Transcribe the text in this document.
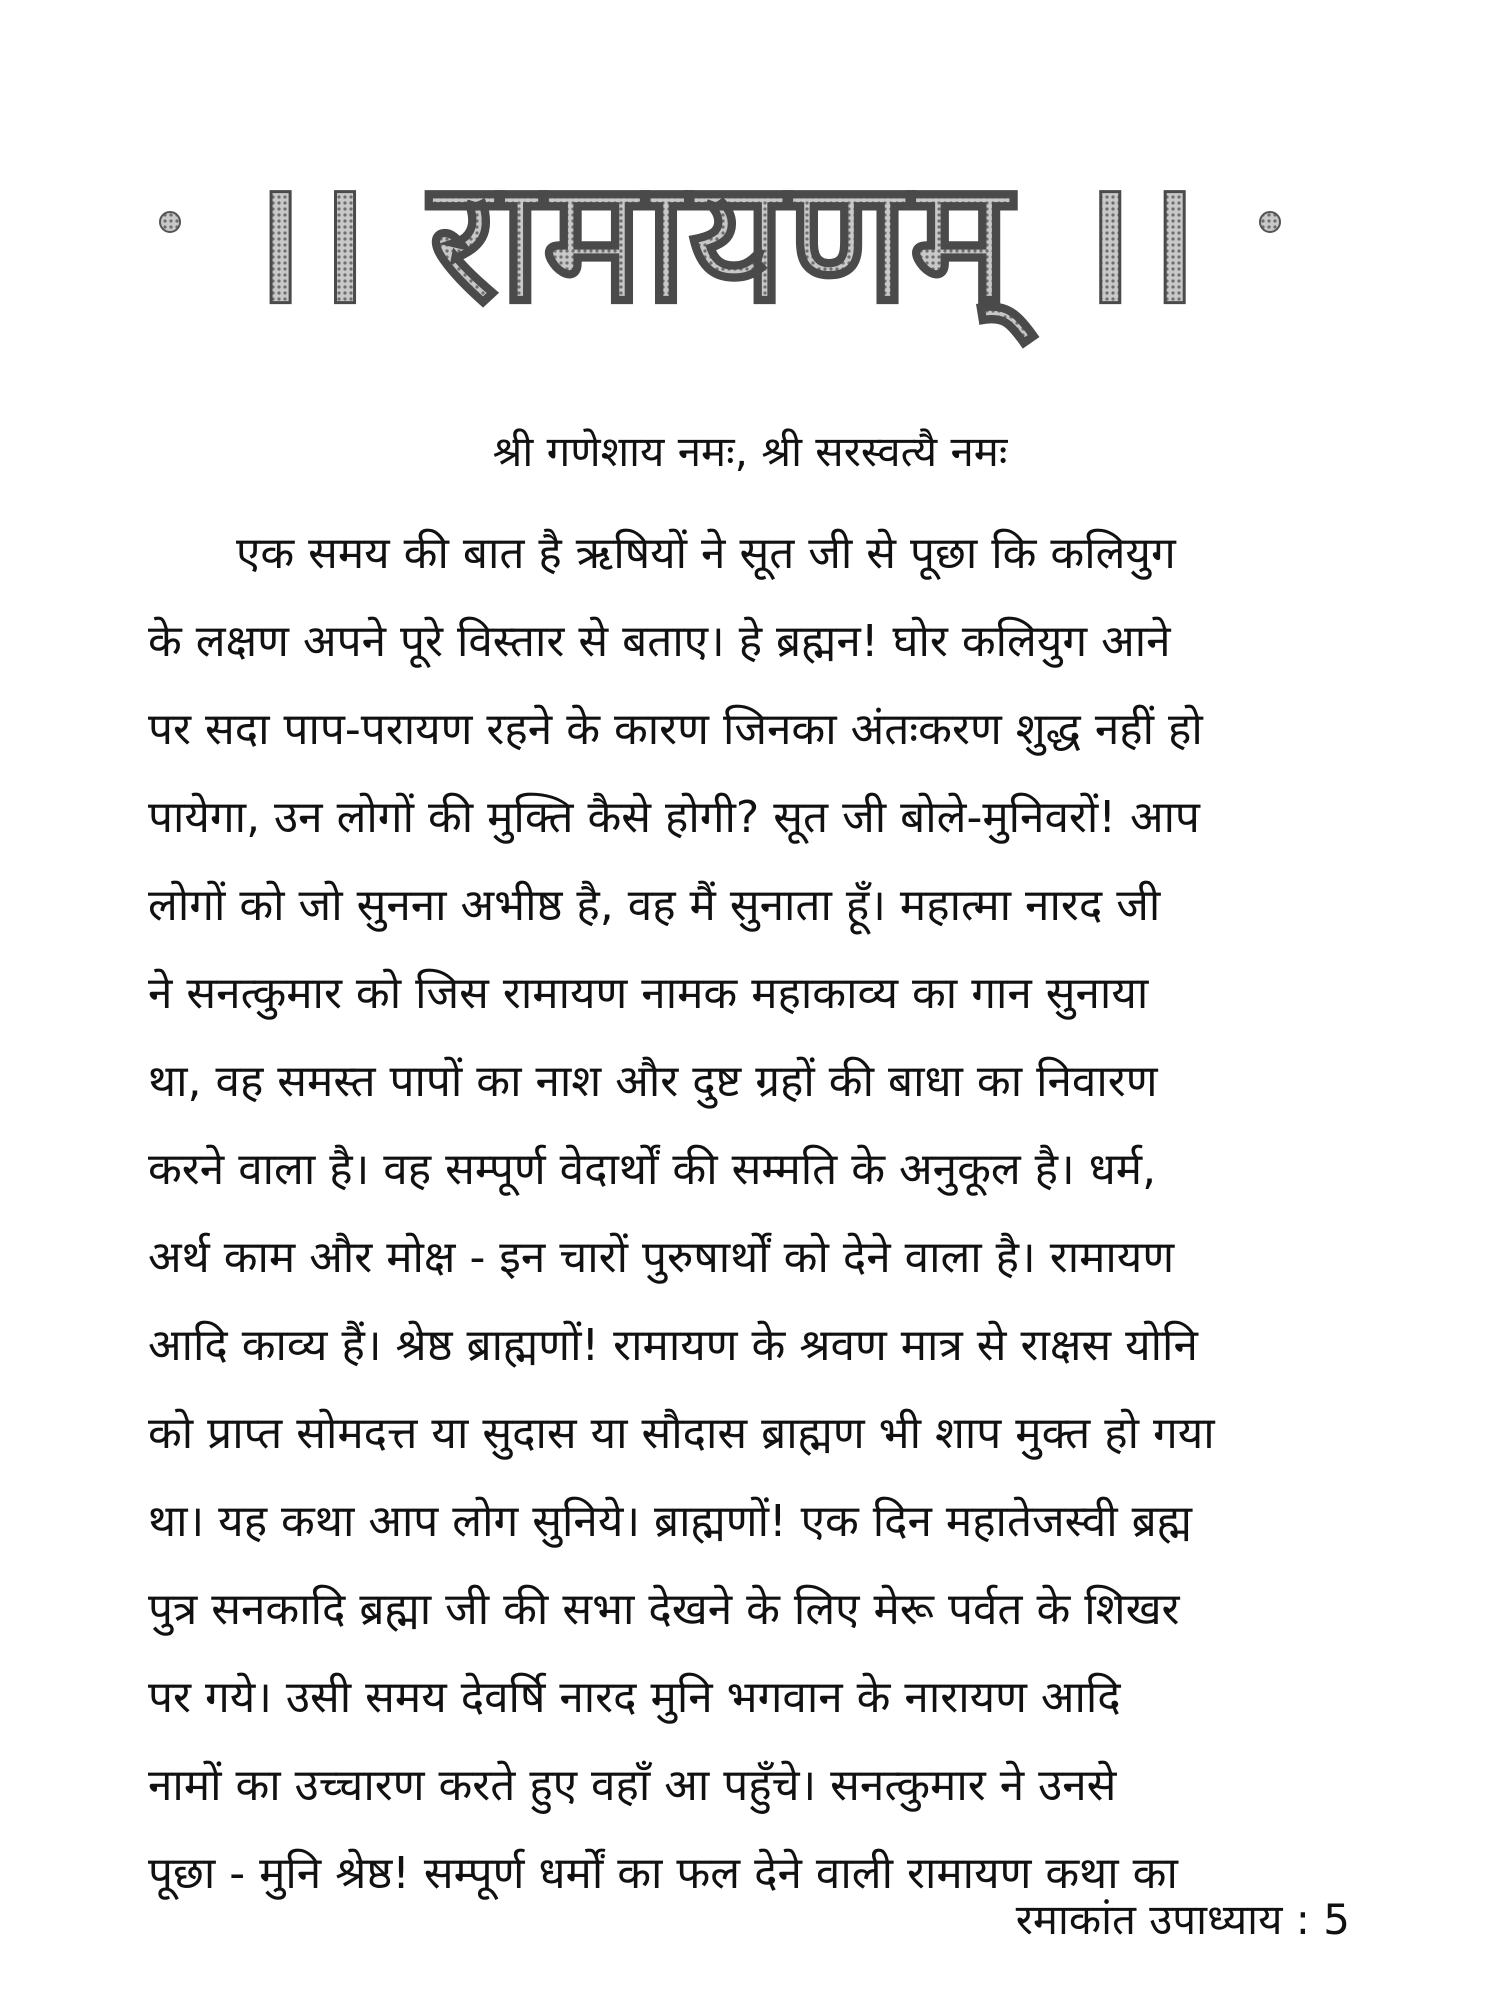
।। रामायणम् ।।
श्री गणेशाय नमः, श्री सरस्वत्यै नमः
एक समय की बात है ऋषियों ने सूत जी से पूछा कि कलियुग
के लक्षण अपने पूरे विस्तार से बताए। हे ब्रह्मन! घोर कलियुग आने
पर सदा पाप-परायण रहने के कारण जिनका अंतःकरण शुद्ध नहीं हो
पायेगा, उन लोगों की मुक्ति कैसे होगी? सूत जी बोले-मुनिवरों! आप
लोगों को जो सुनना अभीष्ठ है, वह मैं सुनाता हूँ। महात्मा नारद जी
ने सनत्कुमार को जिस रामायण नामक महाकाव्य का गान सुनाया
था, वह समस्त पापों का नाश और दुष्ट ग्रहों की बाधा का निवारण
करने वाला है। वह सम्पूर्ण वेदार्थों की सम्मति के अनुकूल है। धर्म,
अर्थ काम और मोक्ष - इन चारों पुरुषार्थों को देने वाला है। रामायण
आदि काव्य हैं। श्रेष्ठ ब्राह्मणों! रामायण के श्रवण मात्र से राक्षस योनि
को प्राप्त सोमदत्त या सुदास या सौदास ब्राह्मण भी शाप मुक्त हो गया
था। यह कथा आप लोग सुनिये। ब्राह्मणों! एक दिन महातेजस्वी ब्रह्म
पुत्र सनकादि ब्रह्मा जी की सभा देखने के लिए मेरू पर्वत के शिखर
पर गये। उसी समय देवर्षि नारद मुनि भगवान के नारायण आदि
नामों का उच्चारण करते हुए वहाँ आ पहुँचे। सनत्कुमार ने उनसे
पूछा - मुनि श्रेष्ठ! सम्पूर्ण धर्मों का फल देने वाली रामायण कथा का
रमाकांत उपाध्याय : 5
